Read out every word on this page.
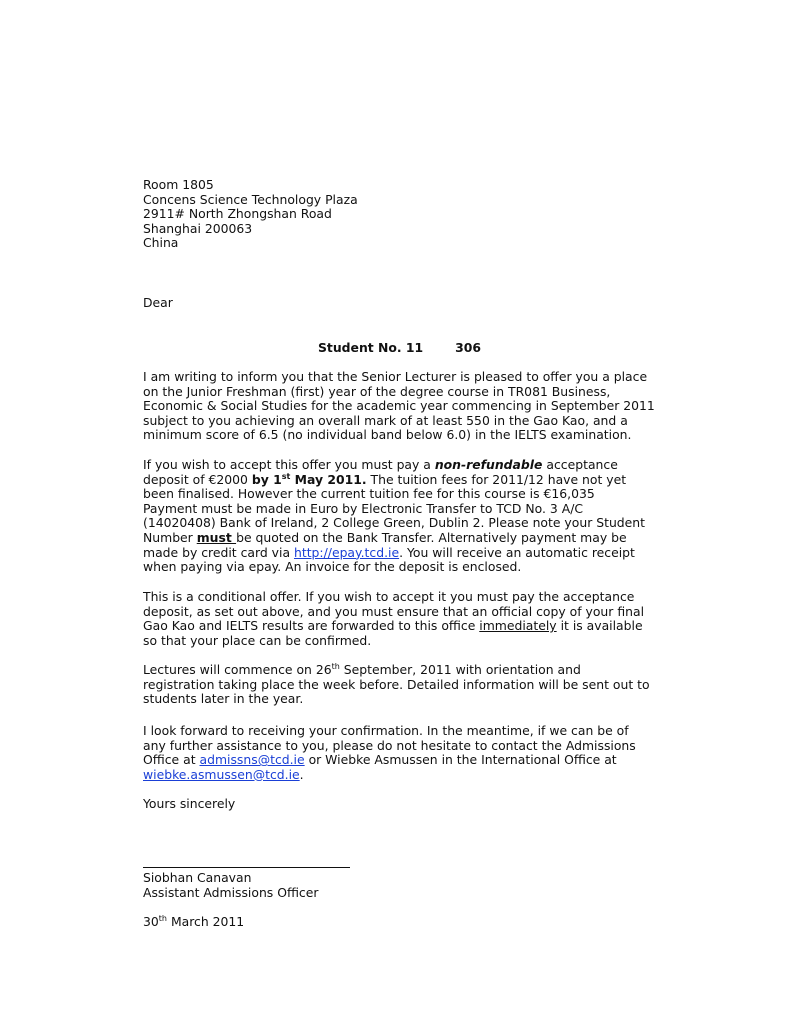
Room 1805
Concens Science Technology Plaza
2911# North Zhongshan Road
Shanghai 200063
China
Dear
Student No. 11	306
I am writing to inform you that the Senior Lecturer is pleased to offer you a place
on the Junior Freshman (first) year of the degree course in TR081 Business,
Economic & Social Studies for the academic year commencing in September 2011
subject to you achieving an overall mark of at least 550 in the Gao Kao, and a
minimum score of 6.5 (no individual band below 6.0) in the IELTS examination.
If you wish to accept this offer you must pay a non-refundable acceptance
deposit of €2000 by 1st May 2011. The tuition fees for 2011/12 have not yet
been finalised. However the current tuition fee for this course is €16,035
Payment must be made in Euro by Electronic Transfer to TCD No. 3 A/C
(14020408) Bank of Ireland, 2 College Green, Dublin 2. Please note your Student
Number must be quoted on the Bank Transfer. Alternatively payment may be
made by credit card via http://epay.tcd.ie. You will receive an automatic receipt
when paying via epay. An invoice for the deposit is enclosed.
This is a conditional offer. If you wish to accept it you must pay the acceptance
deposit, as set out above, and you must ensure that an official copy of your final
Gao Kao and IELTS results are forwarded to this office immediately it is available
so that your place can be confirmed.
Lectures will commence on 26th September, 2011 with orientation and
registration taking place the week before. Detailed information will be sent out to
students later in the year.
I look forward to receiving your confirmation. In the meantime, if we can be of
any further assistance to you, please do not hesitate to contact the Admissions
Office at admissns@tcd.ie or Wiebke Asmussen in the International Office at
wiebke.asmussen@tcd.ie.
Yours sincerely
Siobhan Canavan
Assistant Admissions Officer
30th March 2011
